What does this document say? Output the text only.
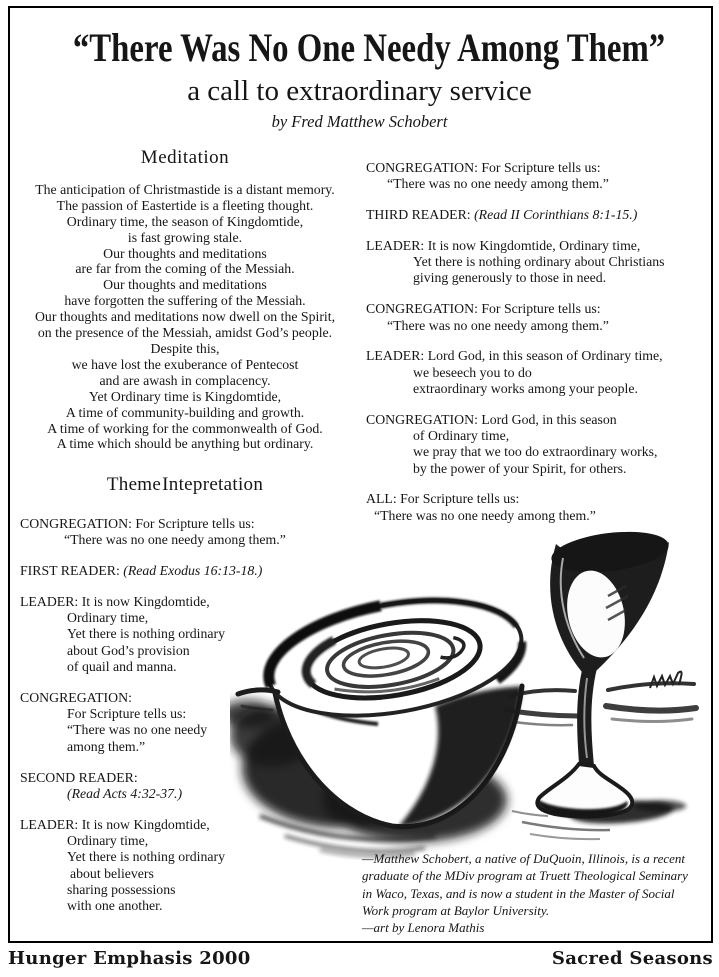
“There Was No One Needy Among Them”
a call to extraordinary service
by Fred Matthew Schobert
Meditation
The anticipation of Christmastide is a distant memory.
The passion of Eastertide is a fleeting thought.
Ordinary time, the season of Kingdomtide,
is fast growing stale.
Our thoughts and meditations
are far from the coming of the Messiah.
Our thoughts and meditations
have forgotten the suffering of the Messiah.
Our thoughts and meditations now dwell on the Spirit,
on the presence of the Messiah, amidst God’s people.
Despite this,
we have lost the exuberance of Pentecost
and are awash in complacency.
Yet Ordinary time is Kingdomtide,
A time of community-building and growth.
A time of working for the commonwealth of God.
A time which should be anything but ordinary.
Theme Intepretation
CONGREGATION: For Scripture tells us:
“There was no one needy among them.”
FIRST READER: (Read Exodus 16:13-18.)
LEADER: It is now Kingdomtide,
Ordinary time,
Yet there is nothing ordinary
about God’s provision
of quail and manna.
CONGREGATION:
For Scripture tells us:
“There was no one needy
among them.”
SECOND READER:
(Read Acts 4:32-37.)
LEADER: It is now Kingdomtide,
Ordinary time,
Yet there is nothing ordinary
about believers
sharing possessions
with one another.
CONGREGATION: For Scripture tells us:
“There was no one needy among them.”
THIRD READER: (Read II Corinthians 8:1-15.)
LEADER: It is now Kingdomtide, Ordinary time,
Yet there is nothing ordinary about Christians
giving generously to those in need.
CONGREGATION: For Scripture tells us:
“There was no one needy among them.”
LEADER: Lord God, in this season of Ordinary time,
we beseech you to do
extraordinary works among your people.
CONGREGATION: Lord God, in this season
of Ordinary time,
we pray that we too do extraordinary works,
by the power of your Spirit, for others.
ALL: For Scripture tells us:
“There was no one needy among them.”
—Matthew Schobert, a native of DuQuoin, Illinois, is a recent
graduate of the MDiv program at Truett Theological Seminary
in Waco, Texas, and is now a student in the Master of Social
Work program at Baylor University.
—art by Lenora Mathis
Hunger Emphasis 2000	Sacred Seasons
